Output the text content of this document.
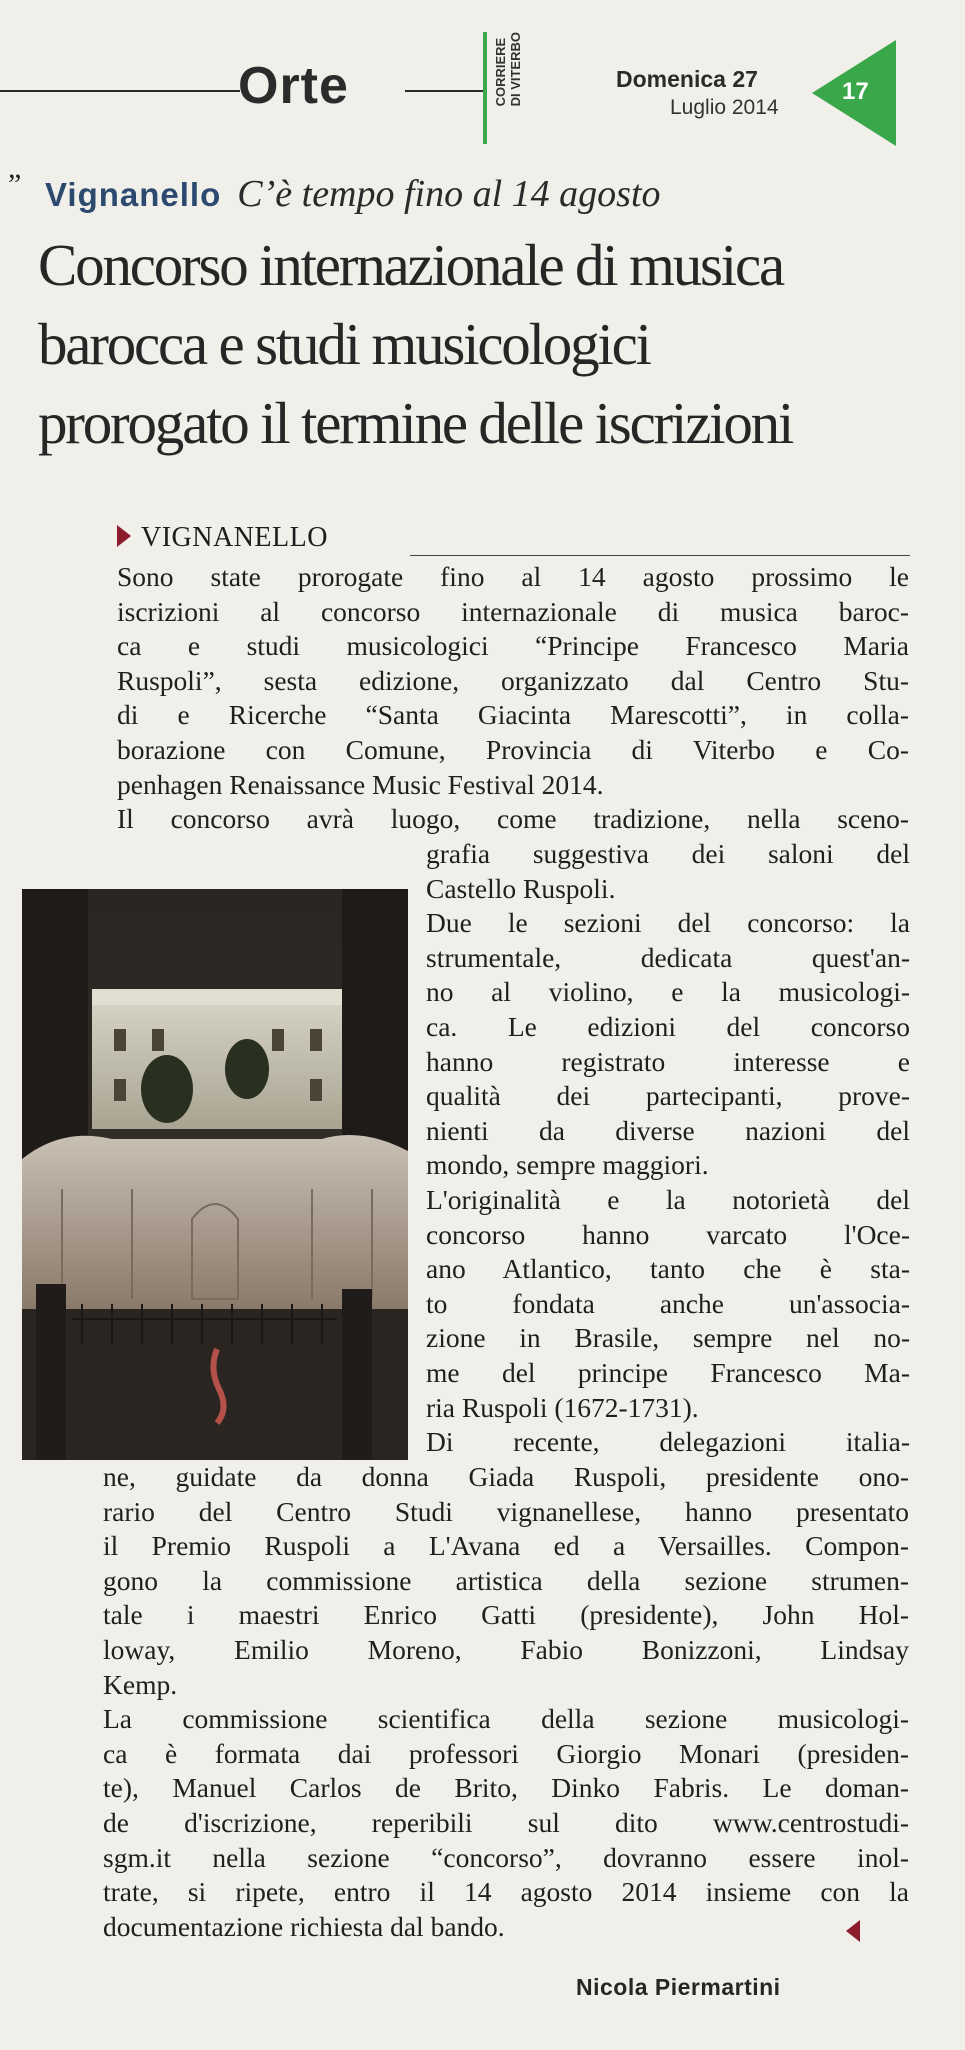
Orte	CORRIERE DI VITERBO	Domenica 27
Luglio 2014
17
” Vignanello C’è tempo fino al 14 agosto
Concorso internazionale di musica
barocca e studi musicologici
prorogato il termine delle iscrizioni
VIGNANELLO
Sono state prorogate fino al 14 agosto prossimo le
iscrizioni al concorso internazionale di musica baroc-
ca e studi musicologici “Principe Francesco Maria
Ruspoli”, sesta edizione, organizzato dal Centro Stu-
di e Ricerche “Santa Giacinta Marescotti”, in colla-
borazione con Comune, Provincia di Viterbo e Co-
penhagen Renaissance Music Festival 2014.
Il concorso avrà luogo, come tradizione, nella sceno-
grafia suggestiva dei saloni del
Castello Ruspoli.
Due le sezioni del concorso: la
strumentale, dedicata quest'an-
no al violino, e la musicologi-
ca. Le edizioni del concorso
hanno registrato interesse e
qualità dei partecipanti, prove-
nienti da diverse nazioni del
mondo, sempre maggiori.
L'originalità e la notorietà del
concorso hanno varcato l'Oce-
ano Atlantico, tanto che è sta-
to fondata anche un'associa-
zione in Brasile, sempre nel no-
me del principe Francesco Ma-
ria Ruspoli (1672-1731).
Di recente, delegazioni italia-
ne, guidate da donna Giada Ruspoli, presidente ono-
rario del Centro Studi vignanellese, hanno presentato
il Premio Ruspoli a L'Avana ed a Versailles. Compon-
gono la commissione artistica della sezione strumen-
tale i maestri Enrico Gatti (presidente), John Hol-
loway, Emilio Moreno, Fabio Bonizzoni, Lindsay
Kemp.
La commissione scientifica della sezione musicologi-
ca è formata dai professori Giorgio Monari (presiden-
te), Manuel Carlos de Brito, Dinko Fabris. Le doman-
de d'iscrizione, reperibili sul dito www.centrostudi-
sgm.it nella sezione “concorso”, dovranno essere inol-
trate, si ripete, entro il 14 agosto 2014 insieme con la
documentazione richiesta dal bando.
Nicola Piermartini
